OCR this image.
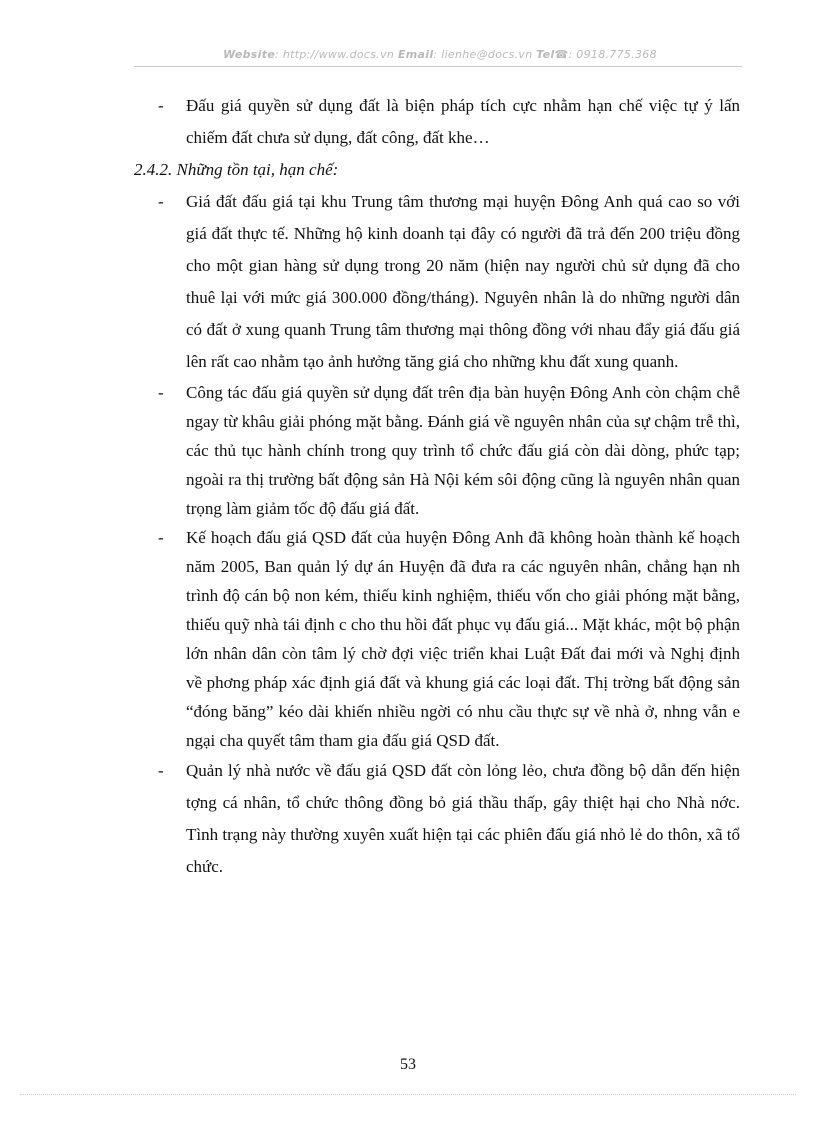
Website: http://www.docs.vn Email: lienhe@docs.vn Tel☎: 0918.775.368

- Đấu giá quyền sử dụng đất là biện pháp tích cực nhằm hạn chế việc tự ý lấn chiếm đất chưa sử dụng, đất công, đất khe…

2.4.2. Những tồn tại, hạn chế:

- Giá đất đấu giá tại khu Trung tâm thương mại huyện Đông Anh quá cao so với giá đất thực tế. Những hộ kinh doanh tại đây có người đã trả đến 200 triệu đồng cho một gian hàng sử dụng trong 20 năm (hiện nay người chủ sử dụng đã cho thuê lại với mức giá 300.000 đồng/tháng). Nguyên nhân là do những người dân có đất ở xung quanh Trung tâm thương mại thông đồng với nhau đẩy giá đấu giá lên rất cao nhằm tạo ảnh hưởng tăng giá cho những khu đất xung quanh.

- Công tác đấu giá quyền sử dụng đất trên địa bàn huyện Đông Anh còn chậm chễ ngay từ khâu giải phóng mặt bằng. Đánh giá về nguyên nhân của sự chậm trễ thì, các thủ tục hành chính trong quy trình tổ chức đấu giá còn dài dòng, phức tạp; ngoài ra thị trường bất động sản Hà Nội kém sôi động cũng là nguyên nhân quan trọng làm giảm tốc độ đấu giá đất.

- Kế hoạch đấu giá QSD đất của huyện Đông Anh đã không hoàn thành kế hoạch năm 2005, Ban quản lý dự án Huyện đã đưa ra các nguyên nhân, chẳng hạn nh trình độ cán bộ non kém, thiếu kinh nghiệm, thiếu vốn cho giải phóng mặt bằng, thiếu quỹ nhà tái định c cho thu hồi đất phục vụ đấu giá... Mặt khác, một bộ phận lớn nhân dân còn tâm lý chờ đợi việc triển khai Luật Đất đai mới và Nghị định về phơng pháp xác định giá đất và khung giá các loại đất. Thị trờng bất động sản “đóng băng” kéo dài khiến nhiều ngời có nhu cầu thực sự về nhà ở, nhng vẫn e ngại cha quyết tâm tham gia đấu giá QSD đất.

- Quản lý nhà nước về đấu giá QSD đất còn lỏng lẻo, chưa đồng bộ dẫn đến hiện tợng cá nhân, tổ chức thông đồng bỏ giá thầu thấp, gây thiệt hại cho Nhà nớc. Tình trạng này thường xuyên xuất hiện tại các phiên đấu giá nhỏ lẻ do thôn, xã tổ chức.

53
